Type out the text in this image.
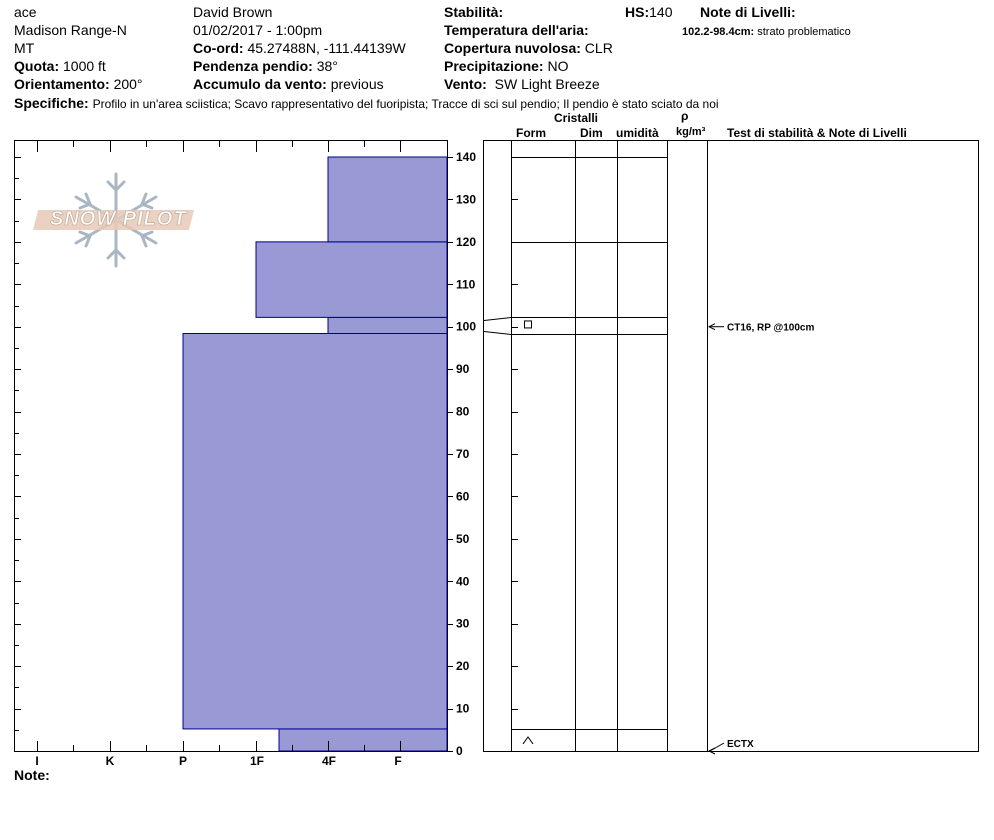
ace
Madison Range-N
MT
Quota: 1000 ft
Orientamento: 200°
David Brown
01/02/2017 - 1:00pm
Co-ord: 45.27488N, -111.44139W
Pendenza pendio: 38°
Accumulo da vento: previous
Stabilità:
Temperatura dell'aria:
Copertura nuvolosa: CLR
Precipitazione: NO
Vento: SW Light Breeze
HS:140 Note di Livelli:
102.2-98.4cm: strato problematico
Specifiche: Profilo in un'area sciistica; Scavo rappresentativo del fuoripista; Tracce di sci sul pendio; Il pendio è stato sciato da noi
Cristalli
Form	Dim umidità
ρ
kg/m³ Test di stabilità & Note di Livelli
SNOW PILOT
I	K	P	1F	4F	F
0
10
20
30
40
50
60
70
80
90
100
110
120
130
140
CT16, RP @100cm
ECTX
Note:
